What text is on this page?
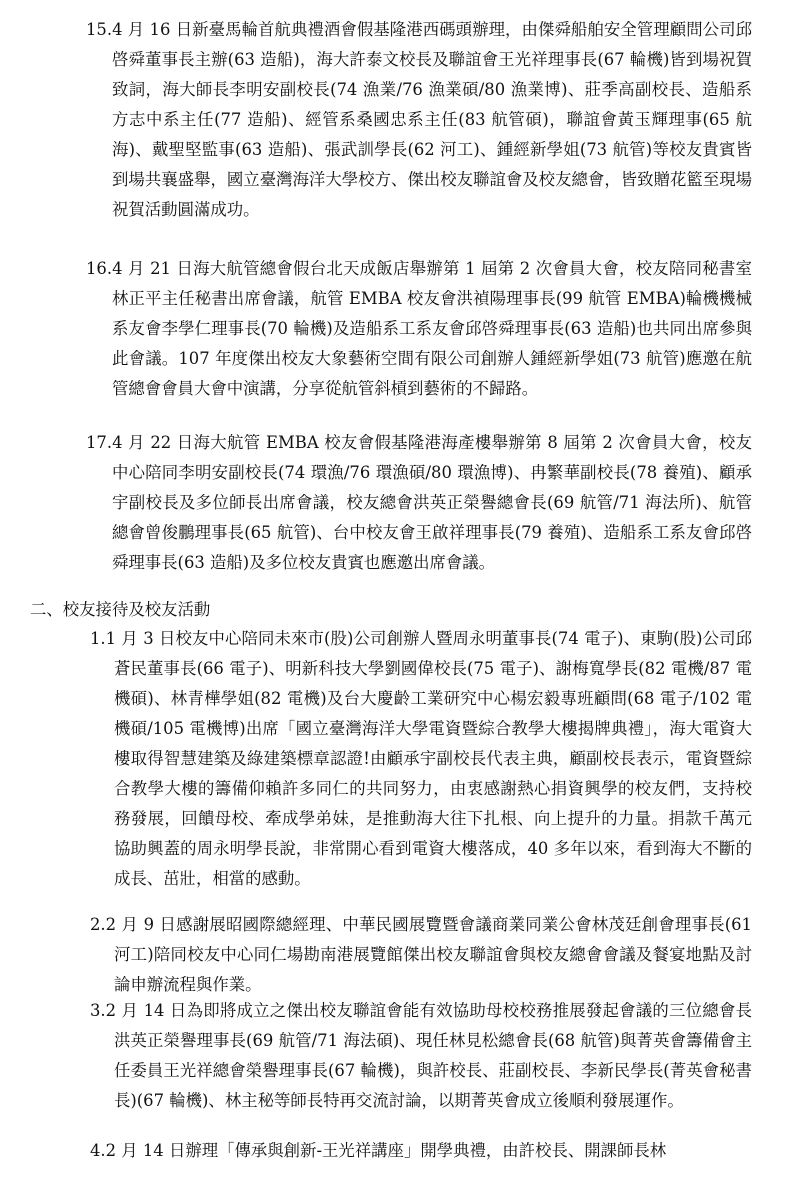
15.4 月 16 日新臺馬輪首航典禮酒會假基隆港西碼頭辦理，由傑舜船舶安全管理顧問公司邱啓舜董事長主辦(63 造船)，海大許泰文校長及聯誼會王光祥理事長(67 輪機)皆到場祝賀致詞，海大師長李明安副校長(74 漁業/76 漁業碩/80 漁業博)、莊季高副校長、造船系方志中系主任(77 造船)、經管系桑國忠系主任(83 航管碩)，聯誼會黃玉輝理事(65 航海)、戴聖堅監事(63 造船)、張武訓學長(62 河工)、鍾經新學姐(73 航管)等校友貴賓皆到場共襄盛舉，國立臺灣海洋大學校方、傑出校友聯誼會及校友總會，皆致贈花籃至現場祝賀活動圓滿成功。
16.4 月 21 日海大航管總會假台北天成飯店舉辦第 1 屆第 2 次會員大會，校友陪同秘書室林正平主任秘書出席會議，航管 EMBA 校友會洪禎陽理事長(99 航管 EMBA)輪機機械系友會李學仁理事長(70 輪機)及造船系工系友會邱啓舜理事長(63 造船)也共同出席參與此會議。107 年度傑出校友大象藝術空間有限公司創辦人鍾經新學姐(73 航管)應邀在航管總會會員大會中演講，分享從航管斜槓到藝術的不歸路。
17.4 月 22 日海大航管 EMBA 校友會假基隆港海產樓舉辦第 8 屆第 2 次會員大會，校友中心陪同李明安副校長(74 環漁/76 環漁碩/80 環漁博)、冉繁華副校長(78 養殖)、顧承宇副校長及多位師長出席會議，校友總會洪英正榮譽總會長(69 航管/71 海法所)、航管總會曾俊鵬理事長(65 航管)、台中校友會王啟祥理事長(79 養殖)、造船系工系友會邱啓舜理事長(63 造船)及多位校友貴賓也應邀出席會議。
二、校友接待及校友活動
1.1 月 3 日校友中心陪同未來市(股)公司創辦人暨周永明董事長(74 電子)、東駒(股)公司邱蒼民董事長(66 電子)、明新科技大學劉國偉校長(75 電子)、謝梅寬學長(82 電機/87 電機碩)、林青樺學姐(82 電機)及台大慶齡工業研究中心楊宏毅專班顧問(68 電子/102 電機碩/105 電機博)出席「國立臺灣海洋大學電資暨綜合教學大樓揭牌典禮」，海大電資大樓取得智慧建築及綠建築標章認證!由顧承宇副校長代表主典，顧副校長表示，電資暨綜合教學大樓的籌備仰賴許多同仁的共同努力，由衷感謝熱心捐資興學的校友們，支持校務發展，回饋母校、牽成學弟妹，是推動海大往下扎根、向上提升的力量。捐款千萬元協助興蓋的周永明學長說，非常開心看到電資大樓落成，40 多年以來，看到海大不斷的成長、茁壯，相當的感動。
2.2 月 9 日感謝展昭國際總經理、中華民國展覽暨會議商業同業公會林茂廷創會理事長(61 河工)陪同校友中心同仁場勘南港展覽館傑出校友聯誼會與校友總會會議及餐宴地點及討論申辦流程與作業。
3.2 月 14 日為即將成立之傑出校友聯誼會能有效協助母校校務推展發起會議的三位總會長洪英正榮譽理事長(69 航管/71 海法碩)、現任林見松總會長(68 航管)與菁英會籌備會主任委員王光祥總會榮譽理事長(67 輪機)，與許校長、莊副校長、李新民學長(菁英會秘書長)(67 輪機)、林主秘等師長特再交流討論，以期菁英會成立後順利發展運作。
4.2 月 14 日辦理「傳承與創新-王光祥講座」開學典禮，由許校長、開課師長林
